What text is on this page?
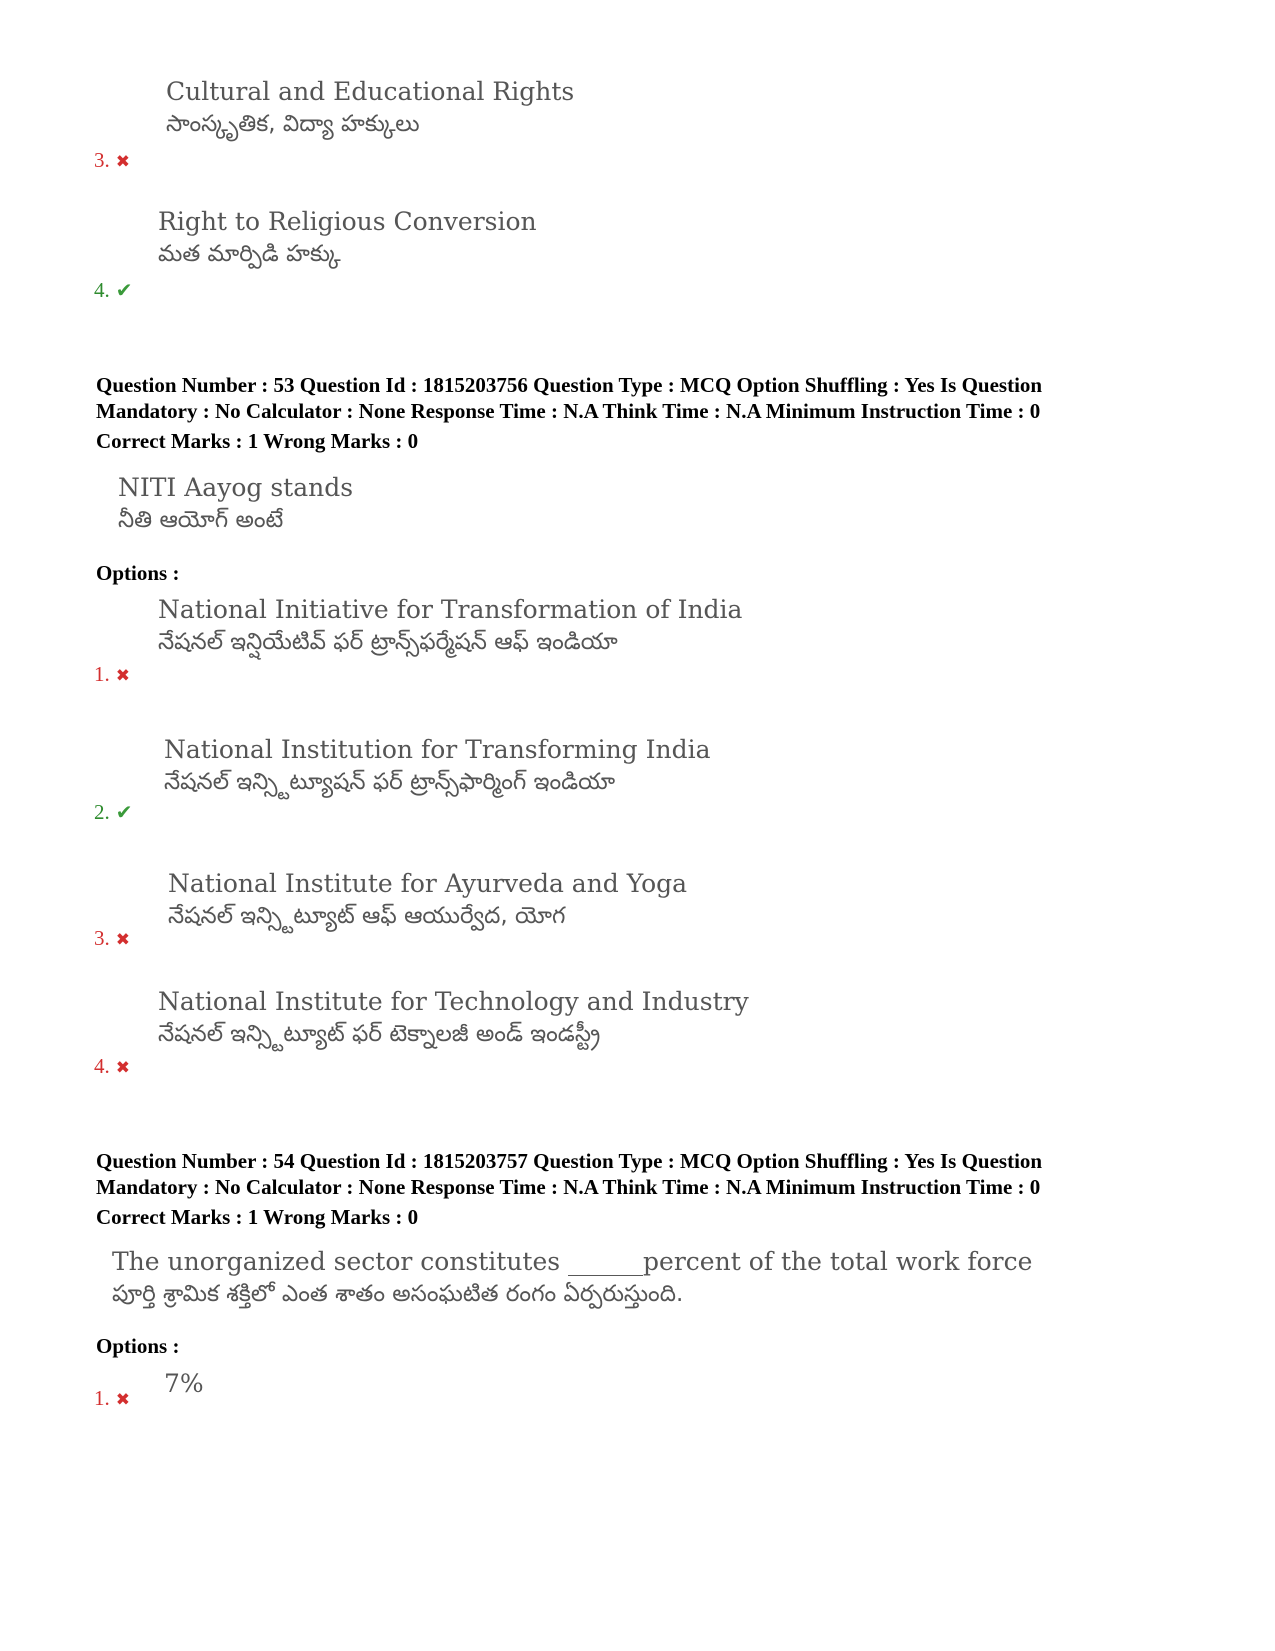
Cultural and Educational Rights
సాంస్కృతిక, విద్యా హక్కులు
3. ✖
Right to Religious Conversion
మత మార్పిడి హక్కు
4. ✔
Question Number : 53 Question Id : 1815203756 Question Type : MCQ Option Shuffling : Yes Is Question
Mandatory : No Calculator : None Response Time : N.A Think Time : N.A Minimum Instruction Time : 0
Correct Marks : 1 Wrong Marks : 0
NITI Aayog stands
నీతి ఆయోగ్ అంటే
Options :
National Initiative for Transformation of India
నేషనల్ ఇన్షియేటివ్ ఫర్ ట్రాన్స్‌ఫర్మేషన్ ఆఫ్ ఇండియా
1. ✖
National Institution for Transforming India
నేషనల్ ఇన్స్టిట్యూషన్ ఫర్ ట్రాన్స్‌ఫార్మింగ్ ఇండియా
2. ✔
National Institute for Ayurveda and Yoga
నేషనల్ ఇన్స్టిట్యూట్ ఆఫ్ ఆయుర్వేద, యోగ
3. ✖
National Institute for Technology and Industry
నేషనల్ ఇన్స్టిట్యూట్ ఫర్ టెక్నాలజీ అండ్ ఇండస్ట్రీ
4. ✖
Question Number : 54 Question Id : 1815203757 Question Type : MCQ Option Shuffling : Yes Is Question
Mandatory : No Calculator : None Response Time : N.A Think Time : N.A Minimum Instruction Time : 0
Correct Marks : 1 Wrong Marks : 0
The unorganized sector constitutes ______percent of the total work force
పూర్తి శ్రామిక శక్తిలో ఎంత శాతం అసంఘటిత రంగం ఏర్పరుస్తుంది.
Options :
7%
1. ✖
